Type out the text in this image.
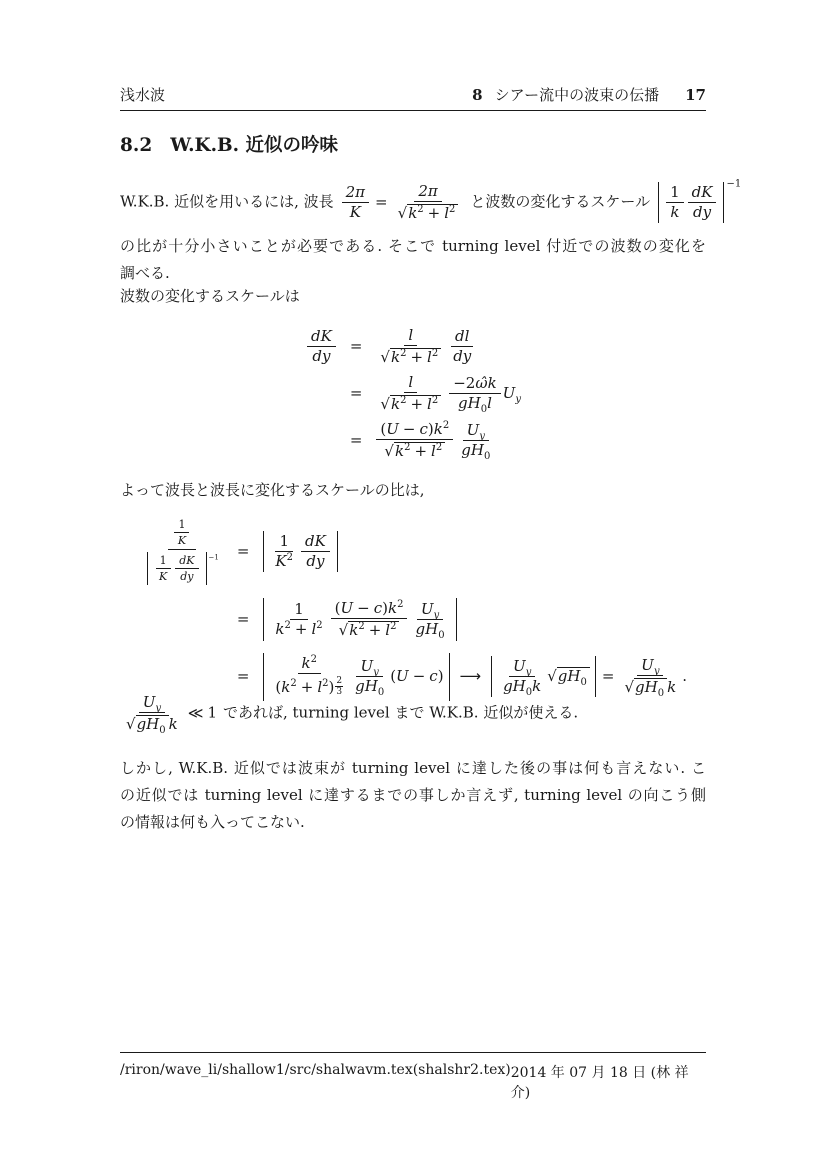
浅水波	8 シアー流中の波束の伝播 17
8.2 W.K.B. 近似の吟味
W.K.B. 近似を用いるには, 波長 $\frac{2\pi}{K} = \frac{2\pi}{√k^2 + l^2}$ と波数の変化するスケール $\frac{1}{k} \frac{dK}{dy} ^{-1}$
の比が十分小さいことが必要である. そこで turning level 付近での波数の変化を
調べる.
波数の変化するスケールは
$\frac{dK}{dy} = \frac{l}{√k^2 + l^2} \frac{dl}{dy}$
= $\frac{l}{√k^2 + l^2} \frac{-2\omegâk}{gH_0l} U_y$
= $\frac{(U - c)k^2}{√k^2 + l^2} \frac{U_y}{gH_0}$
よって波長と波長に変化するスケールの比は,
$\frac{\frac{1}{K}}{\frac{1}{K} \frac{dK}{dy} ^{-1}} = \frac{1}{K^2} \frac{dK}{dy}$
= $\frac{1}{k^2 + l^2} \frac{(U - c)k^2}{√k^2 + l^2} \frac{U_y}{gH_0}$
= $\frac{k^2}{(k^2 + l^2) \frac{2}{3}} \frac{U_y}{gH_0} (U - c)$ ⟶ $\frac{U_y}{gH_0k} √gH_0 = \frac{U_y}{√gH_0 k}$ .
$\frac{U_y}{√gH_0 k}$ ≪ 1 であれば, turning level まで W.K.B. 近似が使える.
しかし, W.K.B. 近似では波束が turning level に達した後の事は何も言えない. こ
の近似では turning level に達するまでの事しか言えず, turning level の向こう側
の情報は何も入ってこない.
/riron/wave_li/shallow1/src/shalwavm.tex(shalshr2.tex) 2014 年 07 月 18 日 (林 祥介)
